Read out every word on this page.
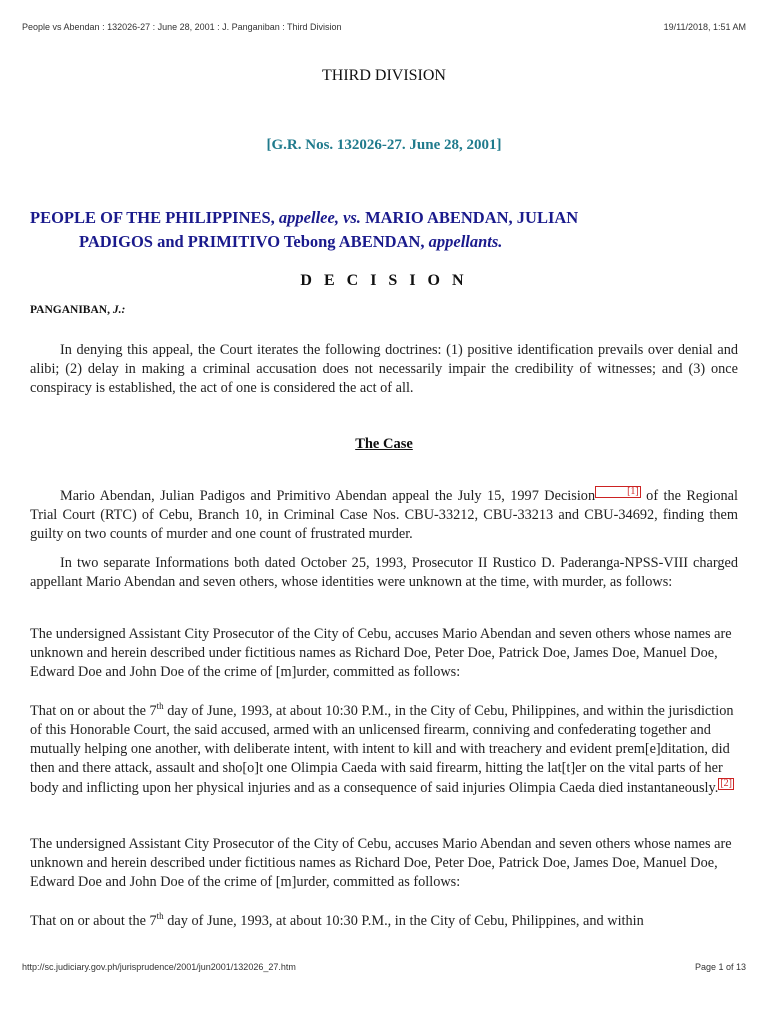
People vs Abendan : 132026-27 : June 28, 2001 : J. Panganiban : Third Division	19/11/2018, 1:51 AM
THIRD DIVISION
[G.R. Nos. 132026-27. June 28, 2001]
PEOPLE OF THE PHILIPPINES, appellee, vs. MARIO ABENDAN, JULIAN
PADIGOS and PRIMITIVO Tebong ABENDAN, appellants.
D E C I S I O N
PANGANIBAN, J.:

In denying this appeal, the Court iterates the following doctrines: (1) positive identification prevails over denial and alibi; (2) delay in making a criminal accusation does not necessarily impair the credibility of witnesses; and (3) once conspiracy is established, the act of one is considered the act of all.

The Case

Mario Abendan, Julian Padigos and Primitivo Abendan appeal the July 15, 1997 Decision	[1] of the Regional Trial Court (RTC) of Cebu, Branch 10, in Criminal Case Nos. CBU-33212, CBU-33213 and CBU-34692, finding them guilty on two counts of murder and one count of frustrated murder.

In two separate Informations both dated October 25, 1993, Prosecutor II Rustico D. Paderanga-NPSS-VIII charged appellant Mario Abendan and seven others, whose identities were unknown at the time, with murder, as follows:

The undersigned Assistant City Prosecutor of the City of Cebu, accuses Mario Abendan and seven others whose names are unknown and herein described under fictitious names as Richard Doe, Peter Doe, Patrick Doe, James Doe, Manuel Doe, Edward Doe and John Doe of the crime of [m]urder, committed as follows:

That on or about the 7th day of June, 1993, at about 10:30 P.M., in the City of Cebu, Philippines, and within the jurisdiction of this Honorable Court, the said accused, armed with an unlicensed firearm, conniving and confederating together and mutually helping one another, with deliberate intent, with intent to kill and with treachery and evident prem[e]ditation, did then and there attack, assault and sho[o]t one Olimpia Caeda with said firearm, hitting the lat[t]er on the vital parts of her body and inflicting upon her physical injuries and as a consequence of said injuries Olimpia Caeda died instantaneously. [2]

The undersigned Assistant City Prosecutor of the City of Cebu, accuses Mario Abendan and seven others whose names are unknown and herein described under fictitious names as Richard Doe, Peter Doe, Patrick Doe, James Doe, Manuel Doe, Edward Doe and John Doe of the crime of [m]urder, committed as follows:

That on or about the 7th day of June, 1993, at about 10:30 P.M., in the City of Cebu, Philippines, and within

http://sc.judiciary.gov.ph/jurisprudence/2001/jun2001/132026_27.htm	Page 1 of 13
